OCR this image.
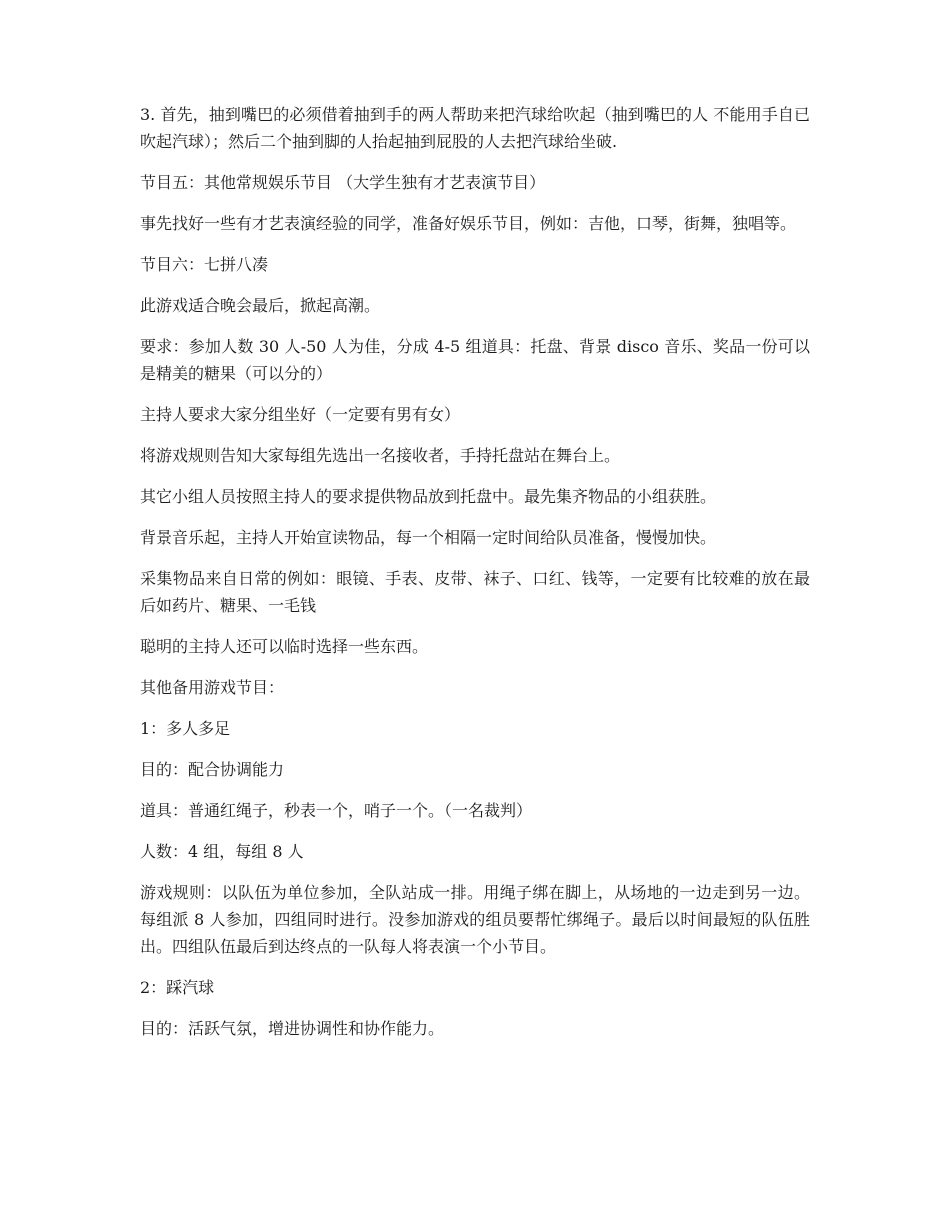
3. 首先，抽到嘴巴的必须借着抽到手的两人帮助来把汽球给吹起（抽到嘴巴的人 不能用手自已吹起汽球）；然后二个抽到脚的人抬起抽到屁股的人去把汽球给坐破.

节目五：其他常规娱乐节目 （大学生独有才艺表演节目）

事先找好一些有才艺表演经验的同学，准备好娱乐节目，例如：吉他，口琴，街舞，独唱等。

节目六：七拼八凑

此游戏适合晚会最后，掀起高潮。

要求：参加人数 30 人-50 人为佳，分成 4-5 组道具：托盘、背景 disco 音乐、奖品一份可以是精美的糖果（可以分的）

主持人要求大家分组坐好（一定要有男有女）

将游戏规则告知大家每组先选出一名接收者，手持托盘站在舞台上。

其它小组人员按照主持人的要求提供物品放到托盘中。最先集齐物品的小组获胜。

背景音乐起，主持人开始宣读物品，每一个相隔一定时间给队员准备，慢慢加快。

采集物品来自日常的例如：眼镜、手表、皮带、袜子、口红、钱等，一定要有比较难的放在最后如药片、糖果、一毛钱

聪明的主持人还可以临时选择一些东西。

其他备用游戏节目：

1：多人多足

目的：配合协调能力

道具：普通红绳子，秒表一个，哨子一个。（一名裁判）

人数：4 组，每组 8 人

游戏规则：以队伍为单位参加，全队站成一排。用绳子绑在脚上，从场地的一边走到另一边。每组派 8 人参加，四组同时进行。没参加游戏的组员要帮忙绑绳子。最后以时间最短的队伍胜出。四组队伍最后到达终点的一队每人将表演一个小节目。

2：踩汽球

目的：活跃气氛，增进协调性和协作能力。
